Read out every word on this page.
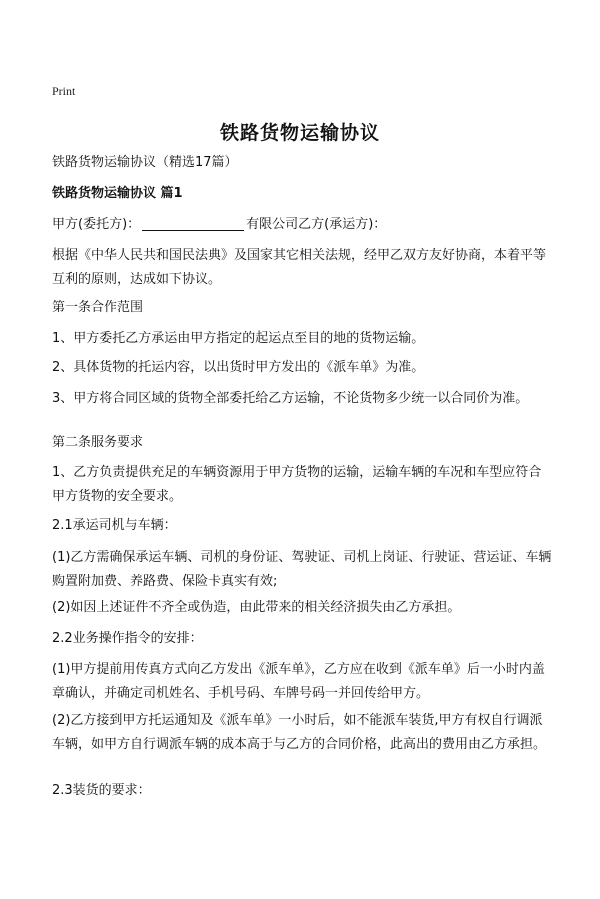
Print
铁路货物运输协议
铁路货物运输协议（精选17篇）
铁路货物运输协议 篇1
甲方(委托方)：	有限公司乙方(承运方)：
根据《中华人民共和国民法典》及国家其它相关法规，经甲乙双方友好协商，本着平等互利的原则，达成如下协议。
第一条合作范围
1、甲方委托乙方承运由甲方指定的起运点至目的地的货物运输。
2、具体货物的托运内容，以出货时甲方发出的《派车单》为准。
3、甲方将合同区域的货物全部委托给乙方运输，不论货物多少统一以合同价为准。
第二条服务要求
1、乙方负责提供充足的车辆资源用于甲方货物的运输，运输车辆的车况和车型应符合甲方货物的安全要求。
2.1承运司机与车辆：
(1)乙方需确保承运车辆、司机的身份证、驾驶证、司机上岗证、行驶证、营运证、车辆购置附加费、养路费、保险卡真实有效;
(2)如因上述证件不齐全或伪造，由此带来的相关经济损失由乙方承担。
2.2业务操作指令的安排：
(1)甲方提前用传真方式向乙方发出《派车单》，乙方应在收到《派车单》后一小时内盖章确认，并确定司机姓名、手机号码、车牌号码一并回传给甲方。
(2)乙方接到甲方托运通知及《派车单》一小时后，如不能派车装货,甲方有权自行调派车辆，如甲方自行调派车辆的成本高于与乙方的合同价格，此高出的费用由乙方承担。
2.3装货的要求：
